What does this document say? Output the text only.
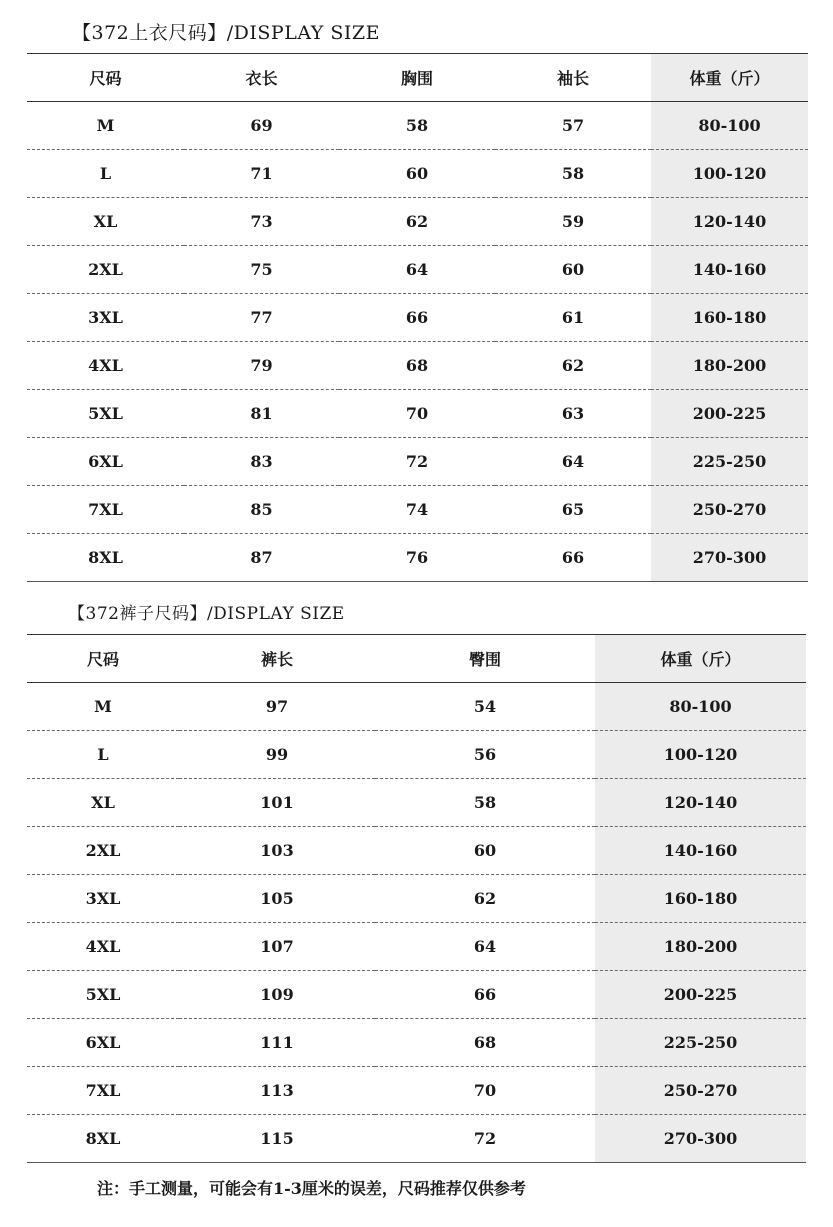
【372上衣尺码】/DISPLAY SIZE
尺码	衣长	胸围	袖长	体重（斤）
M	69	58	57	80-100
L	71	60	58	100-120
XL	73	62	59	120-140
2XL	75	64	60	140-160
3XL	77	66	61	160-180
4XL	79	68	62	180-200
5XL	81	70	63	200-225
6XL	83	72	64	225-250
7XL	85	74	65	250-270
8XL	87	76	66	270-300
【372裤子尺码】/DISPLAY SIZE
尺码	裤长	臀围	体重（斤）
M	97	54	80-100
L	99	56	100-120
XL	101	58	120-140
2XL	103	60	140-160
3XL	105	62	160-180
4XL	107	64	180-200
5XL	109	66	200-225
6XL	111	68	225-250
7XL	113	70	250-270
8XL	115	72	270-300
注：手工测量，可能会有1-3厘米的误差，尺码推荐仅供参考
